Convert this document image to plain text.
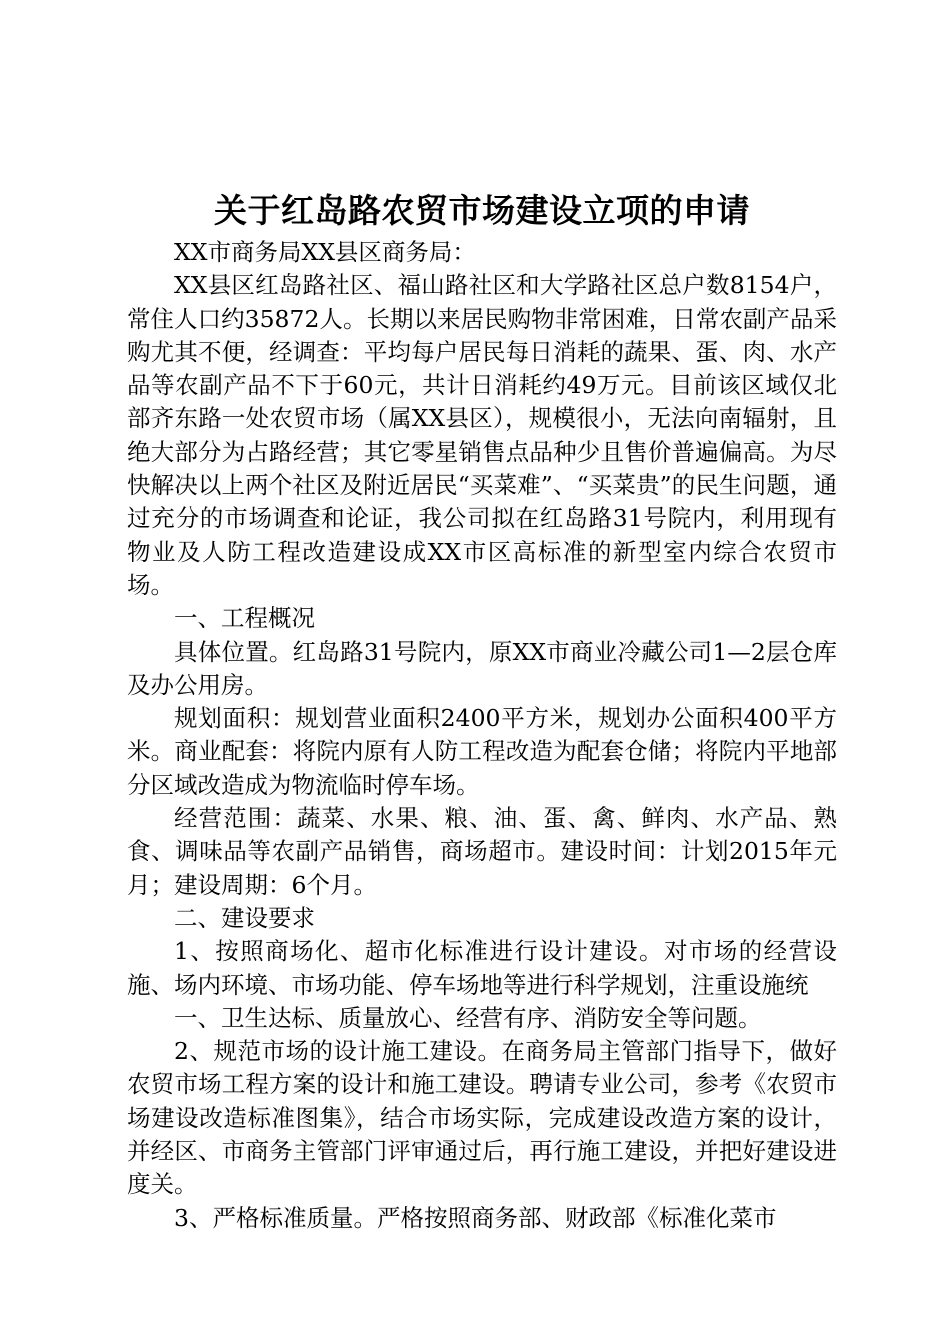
关于红岛路农贸市场建设立项的申请

XX市商务局XX县区商务局：

XX县区红岛路社区、福山路社区和大学路社区总户数8154户，常住人口约35872人。长期以来居民购物非常困难，日常农副产品采购尤其不便，经调查：平均每户居民每日消耗的蔬果、蛋、肉、水产品等农副产品不下于60元，共计日消耗约49万元。目前该区域仅北部齐东路一处农贸市场（属XX县区），规模很小，无法向南辐射，且绝大部分为占路经营；其它零星销售点品种少且售价普遍偏高。为尽快解决以上两个社区及附近居民“买菜难”、“买菜贵”的民生问题，通过充分的市场调查和论证，我公司拟在红岛路31号院内，利用现有物业及人防工程改造建设成XX市区高标准的新型室内综合农贸市场。

一、工程概况

具体位置。红岛路31号院内，原XX市商业冷藏公司1—2层仓库及办公用房。

规划面积：规划营业面积2400平方米，规划办公面积400平方米。商业配套：将院内原有人防工程改造为配套仓储；将院内平地部分区域改造成为物流临时停车场。

经营范围：蔬菜、水果、粮、油、蛋、禽、鲜肉、水产品、熟食、调味品等农副产品销售，商场超市。建设时间：计划2015年元月；建设周期：6个月。

二、建设要求

1、按照商场化、超市化标准进行设计建设。对市场的经营设施、场内环境、市场功能、停车场地等进行科学规划，注重设施统

一、卫生达标、质量放心、经营有序、消防安全等问题。

2、规范市场的设计施工建设。在商务局主管部门指导下，做好农贸市场工程方案的设计和施工建设。聘请专业公司，参考《农贸市场建设改造标准图集》，结合市场实际，完成建设改造方案的设计，并经区、市商务主管部门评审通过后，再行施工建设，并把好建设进度关。

3、严格标准质量。严格按照商务部、财政部《标准化菜市
